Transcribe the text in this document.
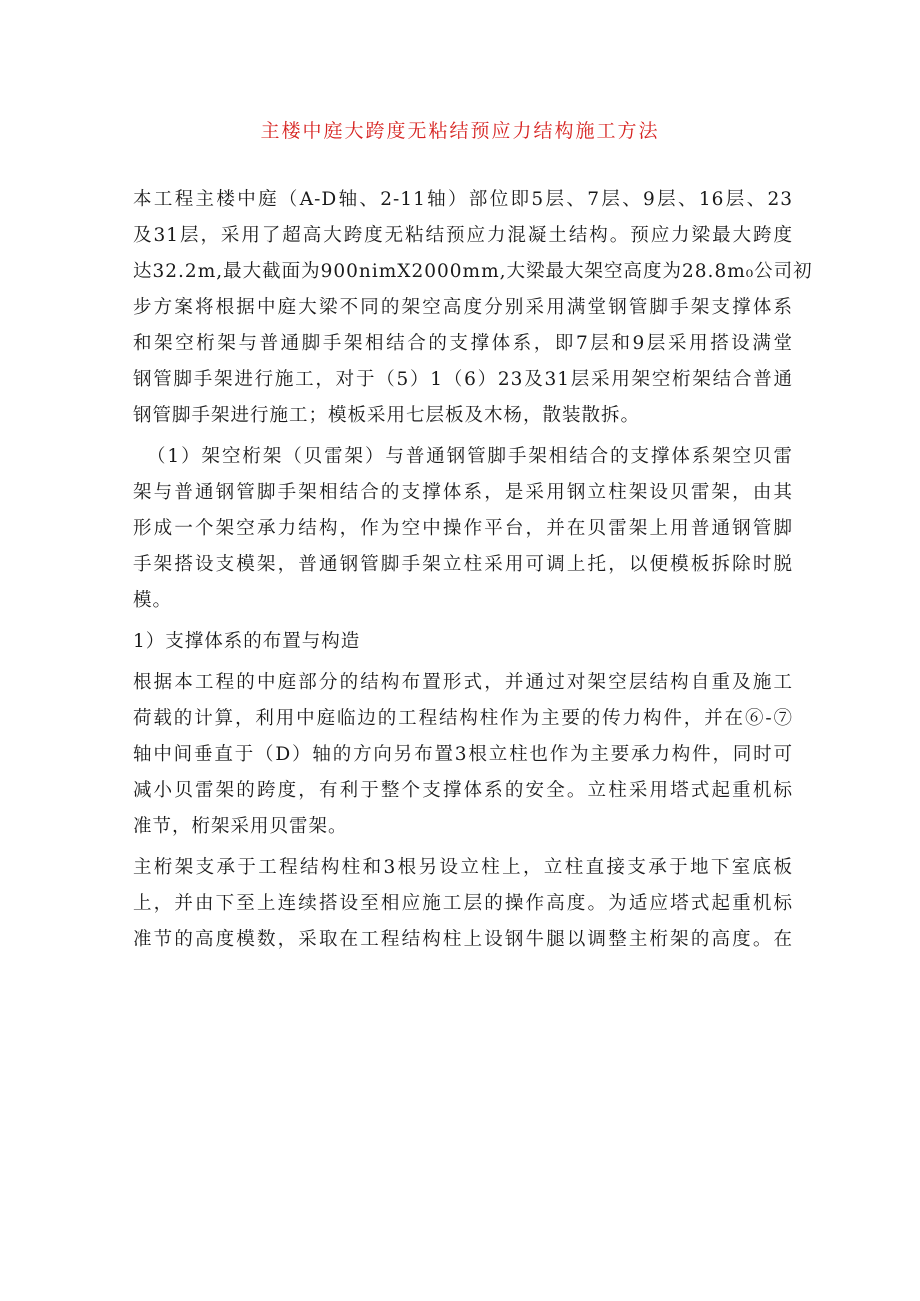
主楼中庭大跨度无粘结预应力结构施工方法
本工程主楼中庭（A-D轴、2-11轴）部位即5层、7层、9层、16层、23
及31层，采用了超高大跨度无粘结预应力混凝土结构。预应力梁最大跨度
达32.2m,最大截面为900nimX2000mm,大梁最大架空高度为28.8m₀公司初
步方案将根据中庭大梁不同的架空高度分别采用满堂钢管脚手架支撑体系
和架空桁架与普通脚手架相结合的支撑体系，即7层和9层采用搭设满堂
钢管脚手架进行施工，对于（5）1（6）23及31层采用架空桁架结合普通
钢管脚手架进行施工；模板采用七层板及木杨，散装散拆。
（1）架空桁架（贝雷架）与普通钢管脚手架相结合的支撑体系架空贝雷
架与普通钢管脚手架相结合的支撑体系，是采用钢立柱架设贝雷架，由其
形成一个架空承力结构，作为空中操作平台，并在贝雷架上用普通钢管脚
手架搭设支模架，普通钢管脚手架立柱采用可调上托，以便模板拆除时脱
模。
1）支撑体系的布置与构造
根据本工程的中庭部分的结构布置形式，并通过对架空层结构自重及施工
荷载的计算，利用中庭临边的工程结构柱作为主要的传力构件，并在⑥-⑦
轴中间垂直于（D）轴的方向另布置3根立柱也作为主要承力构件，同时可
减小贝雷架的跨度，有利于整个支撑体系的安全。立柱采用塔式起重机标
准节，桁架采用贝雷架。
主桁架支承于工程结构柱和3根另设立柱上，立柱直接支承于地下室底板
上，并由下至上连续搭设至相应施工层的操作高度。为适应塔式起重机标
准节的高度模数，采取在工程结构柱上设钢牛腿以调整主桁架的高度。在
